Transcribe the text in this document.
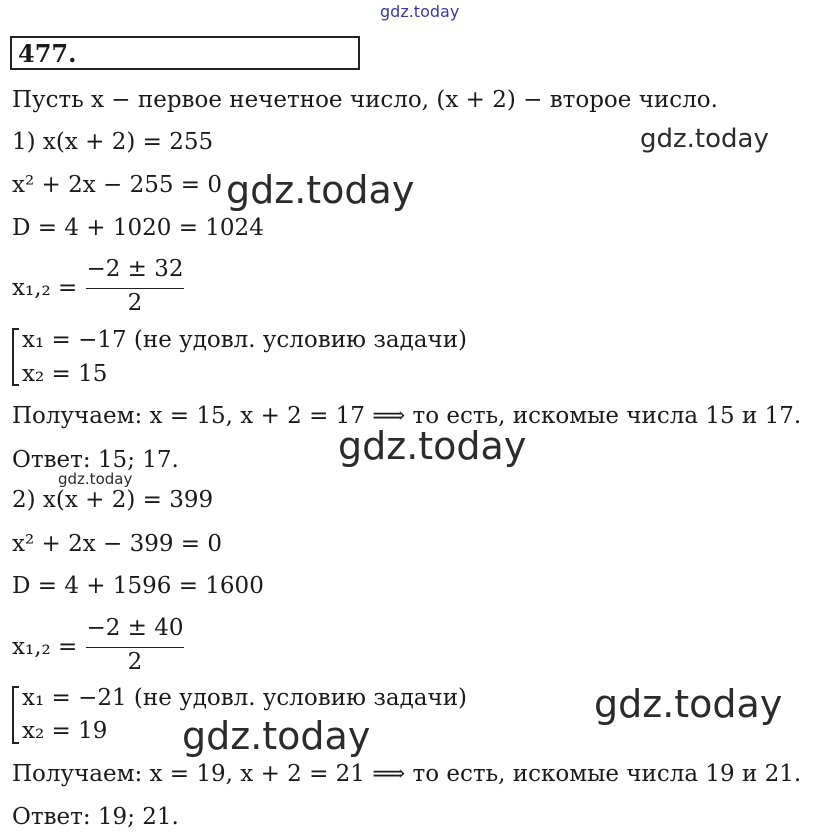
gdz.today
gdz.today
gdz.today
gdz.today
gdz.today
gdz.today
gdz.today
477.
Пусть x − первое нечетное число, (x + 2) − второе число.
1) x(x + 2) = 255
x² + 2x − 255 = 0
D = 4 + 1020 = 1024
x₁,₂ =
−2 ± 32
2
x₁ = −17 (не удовл. условию задачи)
x₂ = 15
Получаем: x = 15, x + 2 = 17 ⟹ то есть, искомые числа 15 и 17.
Ответ: 15; 17.
2) x(x + 2) = 399
x² + 2x − 399 = 0
D = 4 + 1596 = 1600
x₁,₂ =
−2 ± 40
2
x₁ = −21 (не удовл. условию задачи)
x₂ = 19
Получаем: x = 19, x + 2 = 21 ⟹ то есть, искомые числа 19 и 21.
Ответ: 19; 21.
